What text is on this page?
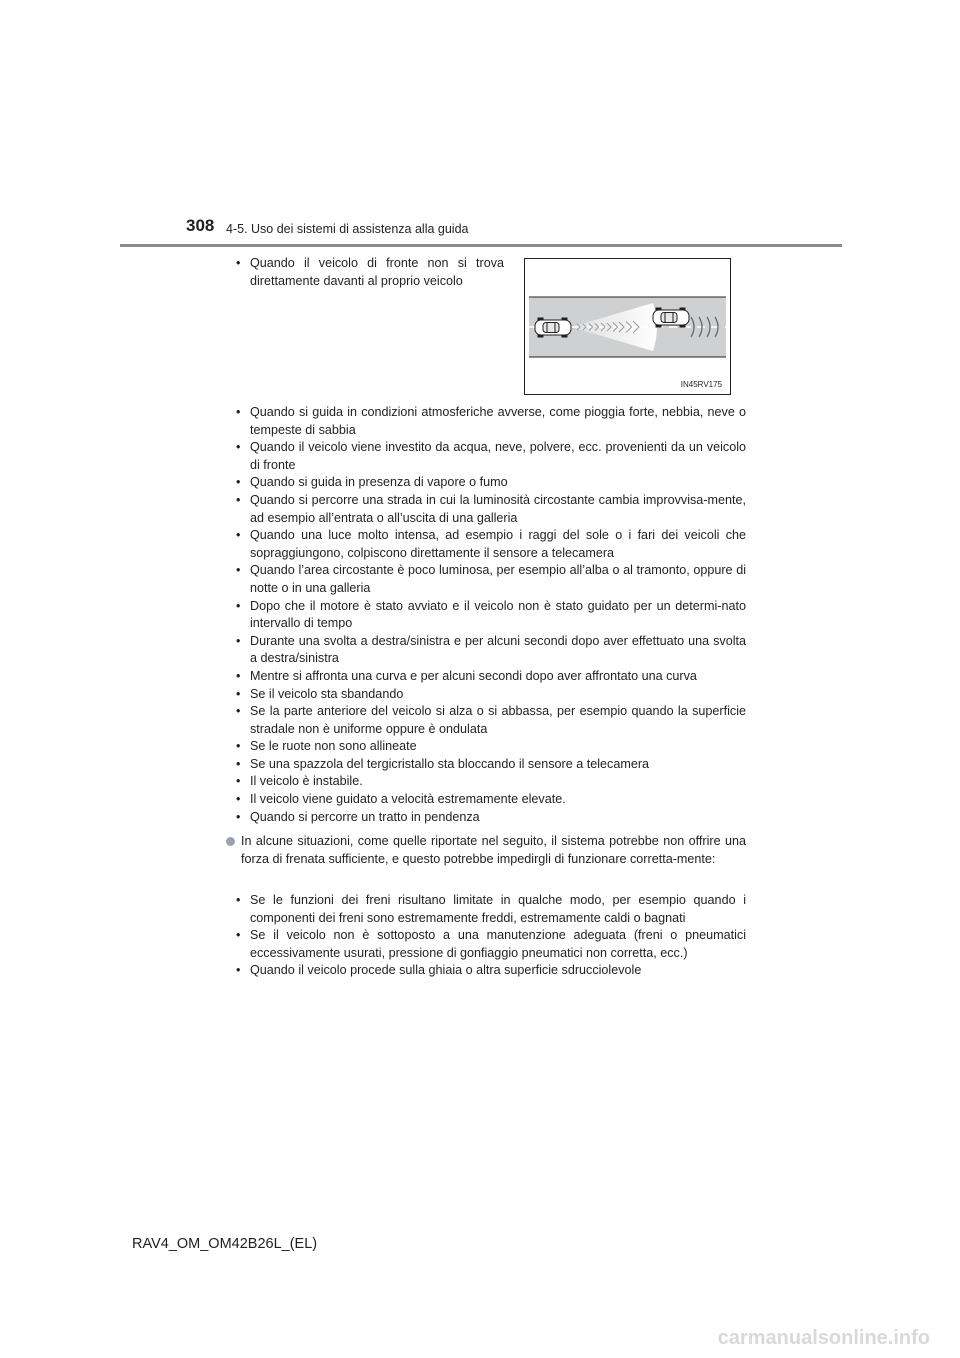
308 4-5. Uso dei sistemi di assistenza alla guida
• Quando il veicolo di fronte non si trova direttamente davanti al proprio veicolo
IN45RV175
• Quando si guida in condizioni atmosferiche avverse, come pioggia forte, nebbia, neve o tempeste di sabbia
• Quando il veicolo viene investito da acqua, neve, polvere, ecc. provenienti da un veicolo di fronte
• Quando si guida in presenza di vapore o fumo
• Quando si percorre una strada in cui la luminosità circostante cambia improvvisa-mente, ad esempio all’entrata o all’uscita di una galleria
• Quando una luce molto intensa, ad esempio i raggi del sole o i fari dei veicoli che sopraggiungono, colpiscono direttamente il sensore a telecamera
• Quando l’area circostante è poco luminosa, per esempio all’alba o al tramonto, oppure di notte o in una galleria
• Dopo che il motore è stato avviato e il veicolo non è stato guidato per un determi-nato intervallo di tempo
• Durante una svolta a destra/sinistra e per alcuni secondi dopo aver effettuato una svolta a destra/sinistra
• Mentre si affronta una curva e per alcuni secondi dopo aver affrontato una curva
• Se il veicolo sta sbandando
• Se la parte anteriore del veicolo si alza o si abbassa, per esempio quando la superficie stradale non è uniforme oppure è ondulata
• Se le ruote non sono allineate
• Se una spazzola del tergicristallo sta bloccando il sensore a telecamera
• Il veicolo è instabile.
• Il veicolo viene guidato a velocità estremamente elevate.
• Quando si percorre un tratto in pendenza
In alcune situazioni, come quelle riportate nel seguito, il sistema potrebbe non offrire una forza di frenata sufficiente, e questo potrebbe impedirgli di funzionare corretta-mente:
• Se le funzioni dei freni risultano limitate in qualche modo, per esempio quando i componenti dei freni sono estremamente freddi, estremamente caldi o bagnati
• Se il veicolo non è sottoposto a una manutenzione adeguata (freni o pneumatici eccessivamente usurati, pressione di gonfiaggio pneumatici non corretta, ecc.)
• Quando il veicolo procede sulla ghiaia o altra superficie sdrucciolevole
RAV4_OM_OM42B26L_(EL)
carmanualsonline.info
